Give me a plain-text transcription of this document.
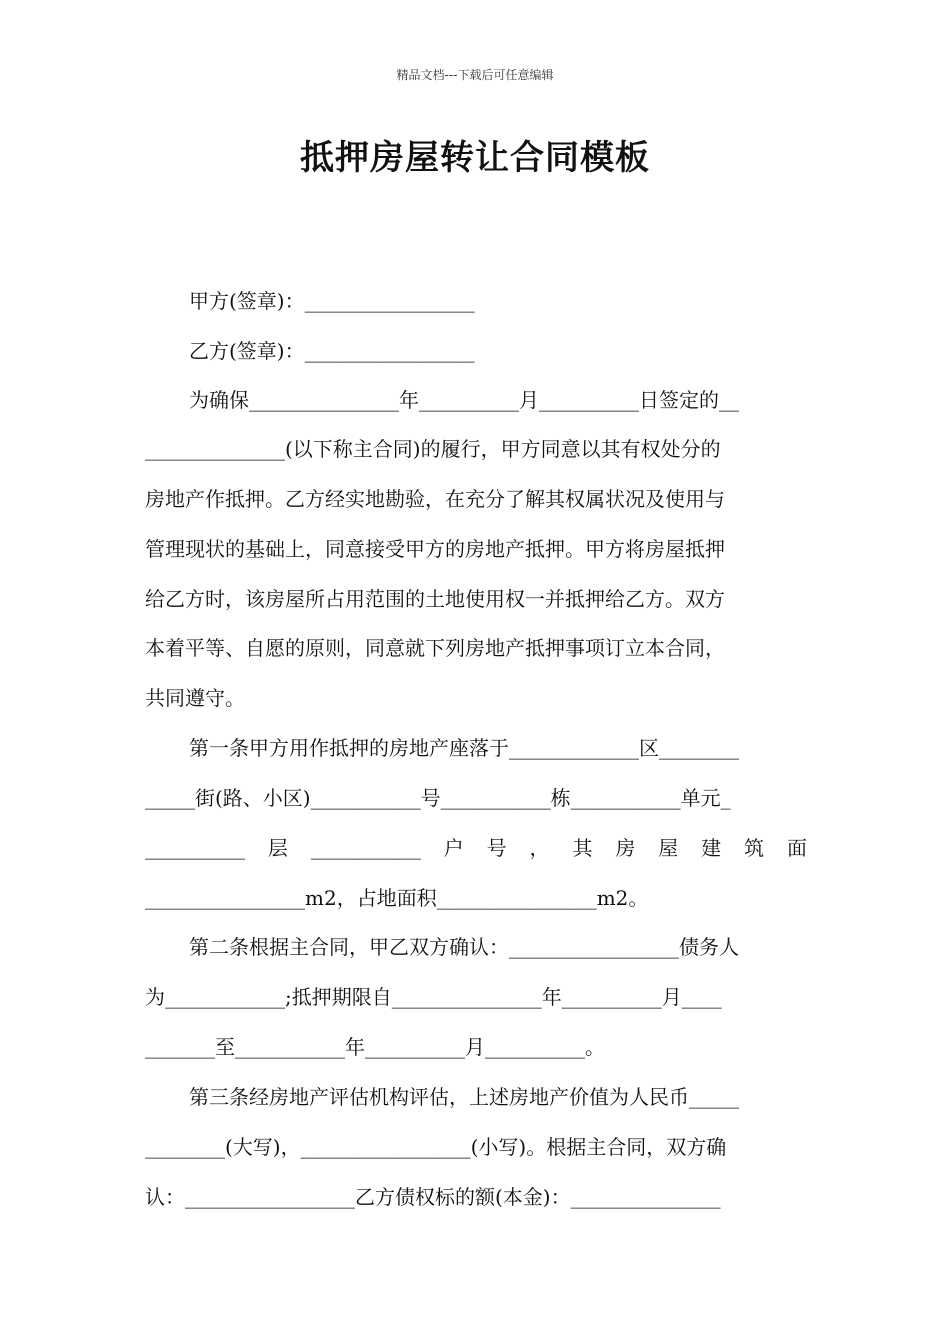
精品文档---下载后可任意编辑
抵押房屋转让合同模板
甲方(签章)：_________________
乙方(签章)：_________________
为确保_______________年__________月__________日签定的__
______________(以下称主合同)的履行，甲方同意以其有权处分的
房地产作抵押。乙方经实地勘验，在充分了解其权属状况及使用与
管理现状的基础上，同意接受甲方的房地产抵押。甲方将房屋抵押
给乙方时，该房屋所占用范围的土地使用权一并抵押给乙方。双方
本着平等、自愿的原则，同意就下列房地产抵押事项订立本合同，
共同遵守。
第一条甲方用作抵押的房地产座落于_____________区________
_____街(路、小区)___________号___________栋___________单元_
__________ 层 ___________ 户 号 ， 其 房 屋 建 筑 面
________________m2，占地面积________________m2。
第二条根据主合同，甲乙双方确认：_________________债务人
为____________;抵押期限自_______________年__________月____
_______至___________年__________月__________。
第三条经房地产评估机构评估，上述房地产价值为人民币_____
________(大写)，_________________(小写)。根据主合同，双方确
认：_________________乙方债权标的额(本金)：_______________
